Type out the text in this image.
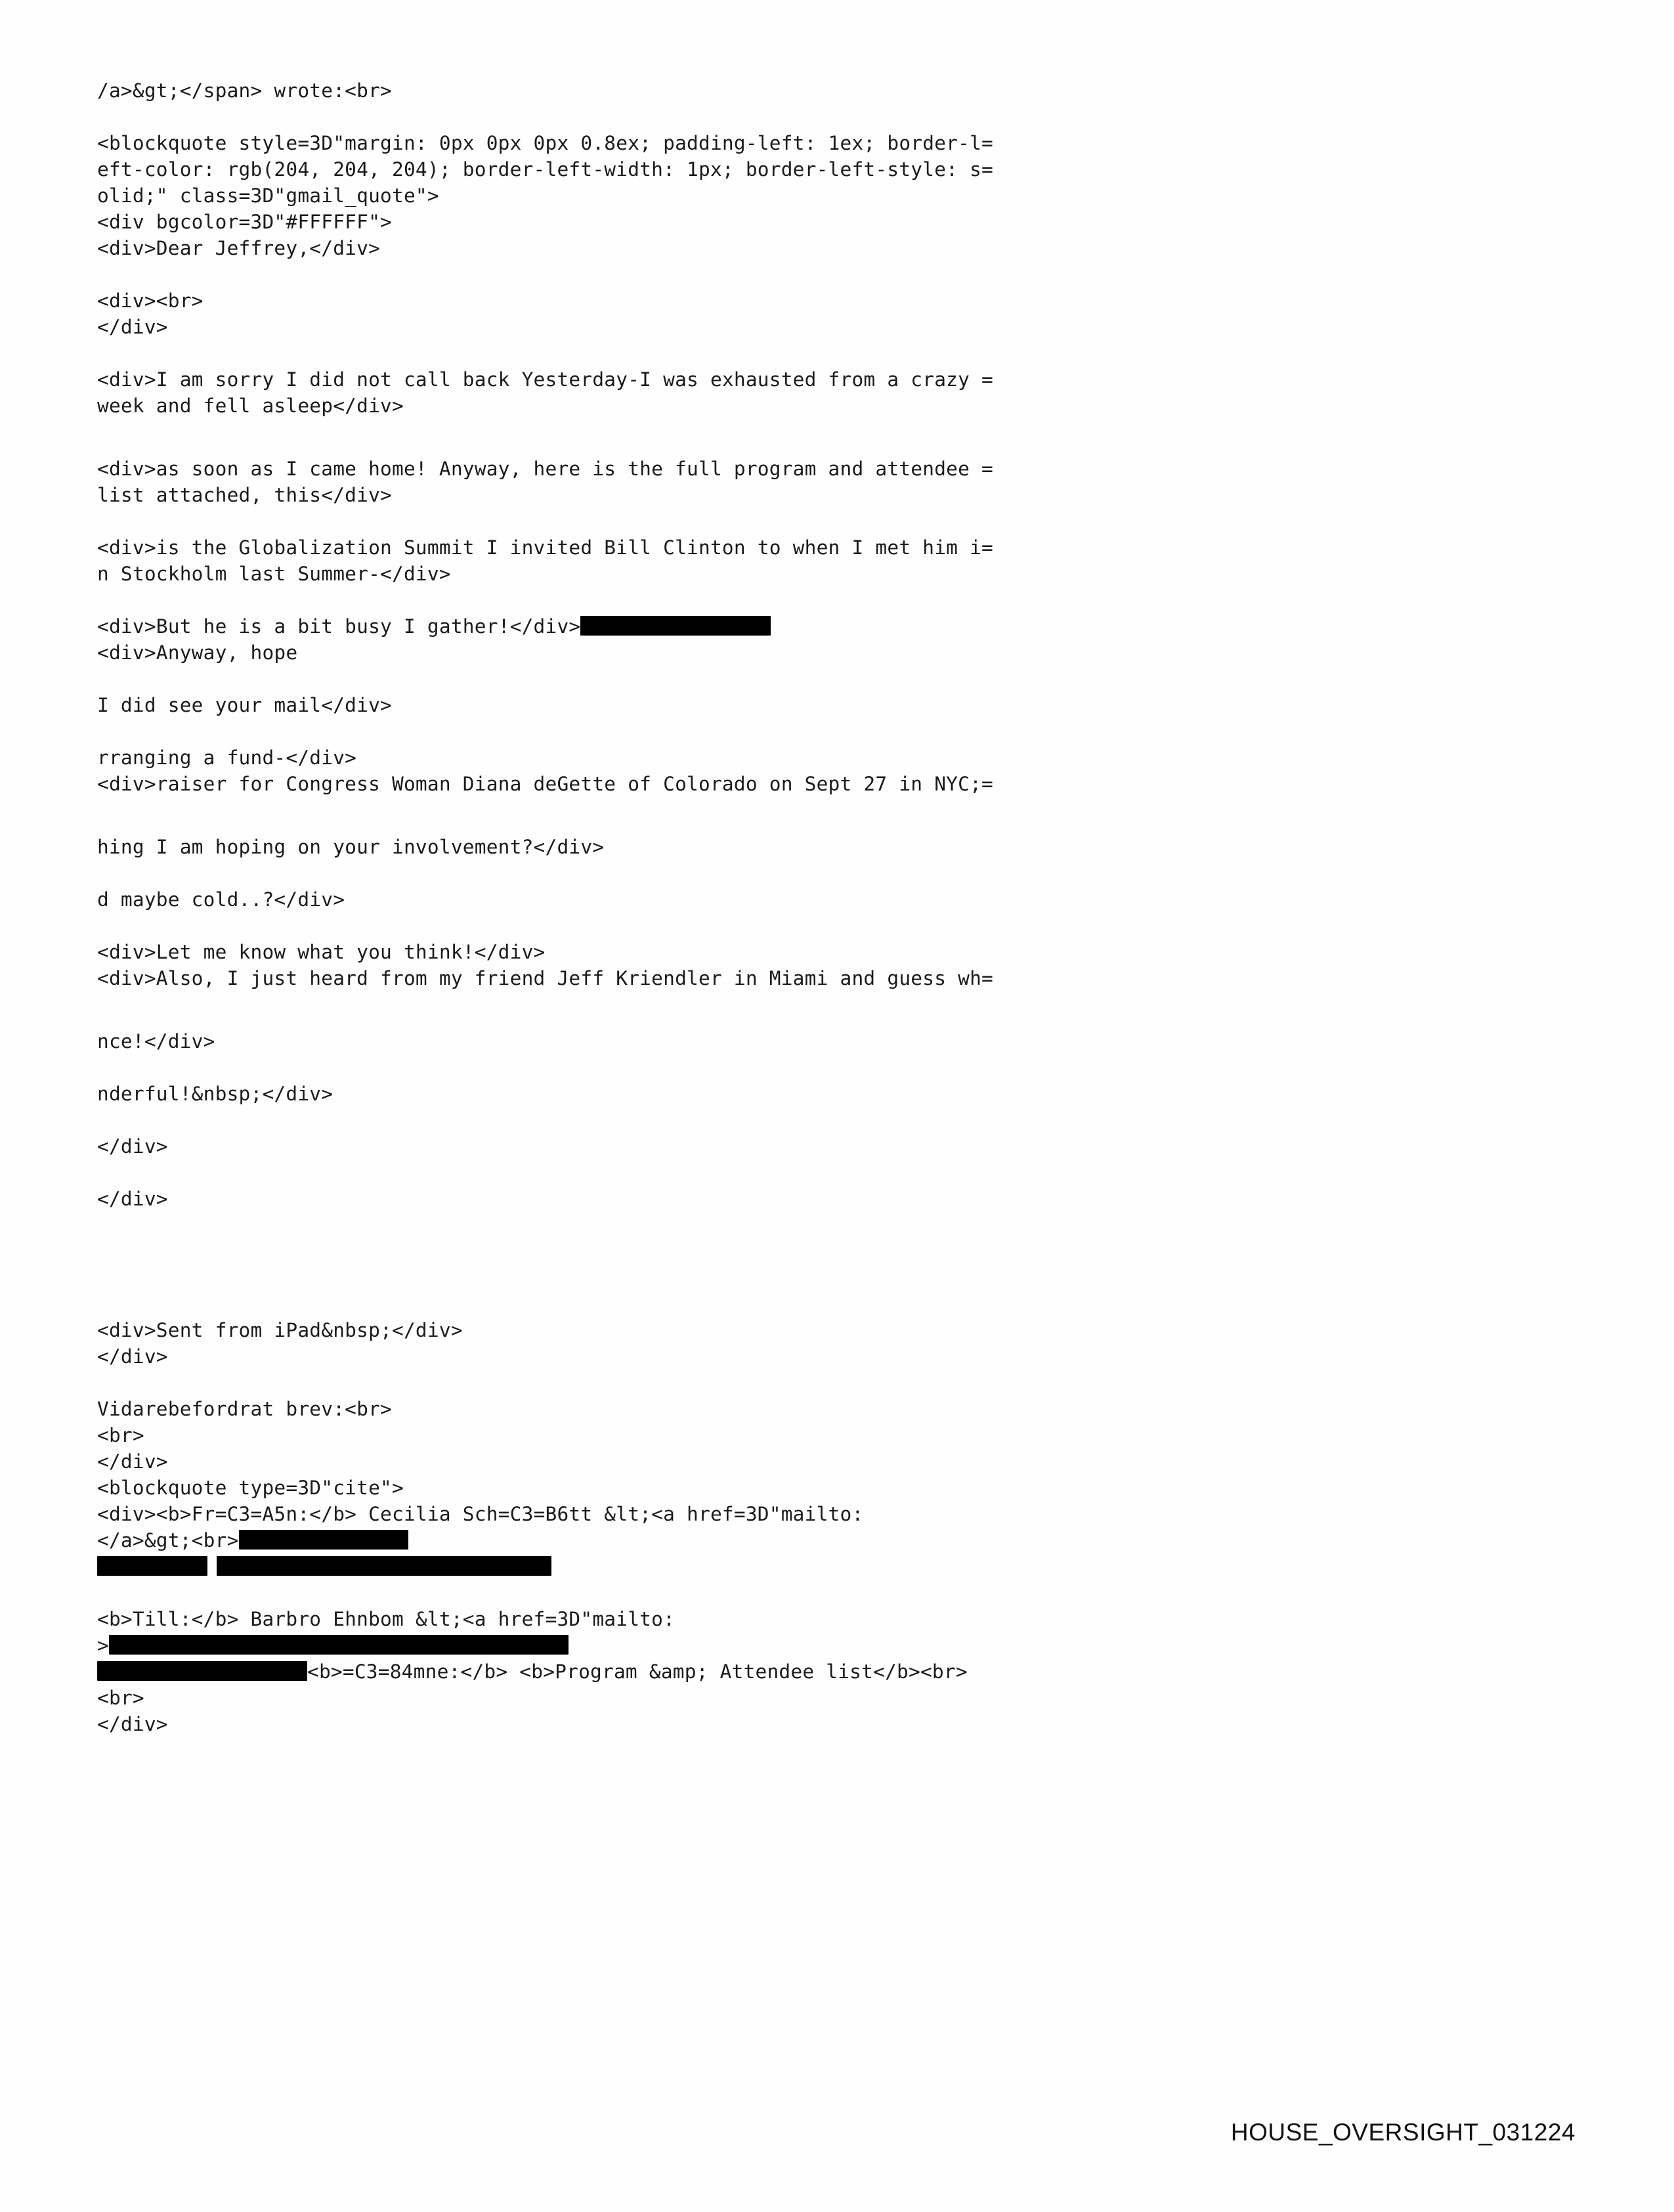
/a>&gt;</span> wrote:<br>
<blockquote style=3D"margin: 0px 0px 0px 0.8ex; padding-left: 1ex; border-l=
eft-color: rgb(204, 204, 204); border-left-width: 1px; border-left-style: s=
olid;" class=3D"gmail_quote">
<div bgcolor=3D"#FFFFFF">
<div>Dear Jeffrey,</div>
<div><br>
</div>
<div>I am sorry I did not call back Yesterday-I was exhausted from a crazy =
week and fell asleep</div>
<div>as soon as I came home! Anyway, here is the full program and attendee =
list attached, this</div>
<div>is the Globalization Summit I invited Bill Clinton to when I met him i=
n Stockholm last Summer-</div>
<div>But he is a bit busy I gather!</div>
<div>Anyway, hope
I did see your mail</div>
rranging a fund-</div>
<div>raiser for Congress Woman Diana deGette of Colorado on Sept 27 in NYC;=
hing I am hoping on your involvement?</div>
d maybe cold..?</div>
<div>Let me know what you think!</div>
<div>Also, I just heard from my friend Jeff Kriendler in Miami and guess wh=
nce!</div>
nderful!&nbsp;</div>
</div>
</div>
<div>Sent from iPad&nbsp;</div>
</div>
Vidarebefordrat brev:<br>
<br>
</div>
<blockquote type=3D"cite">
<div><b>Fr=C3=A5n:</b> Cecilia Sch=C3=B6tt &lt;<a href=3D"mailto:
</a>&gt;<br>
<b>Till:</b> Barbro Ehnbom &lt;<a href=3D"mailto:
>
<b>=C3=84mne:</b> <b>Program &amp; Attendee list</b><br>
<br>
</div>
HOUSE_OVERSIGHT_031224
